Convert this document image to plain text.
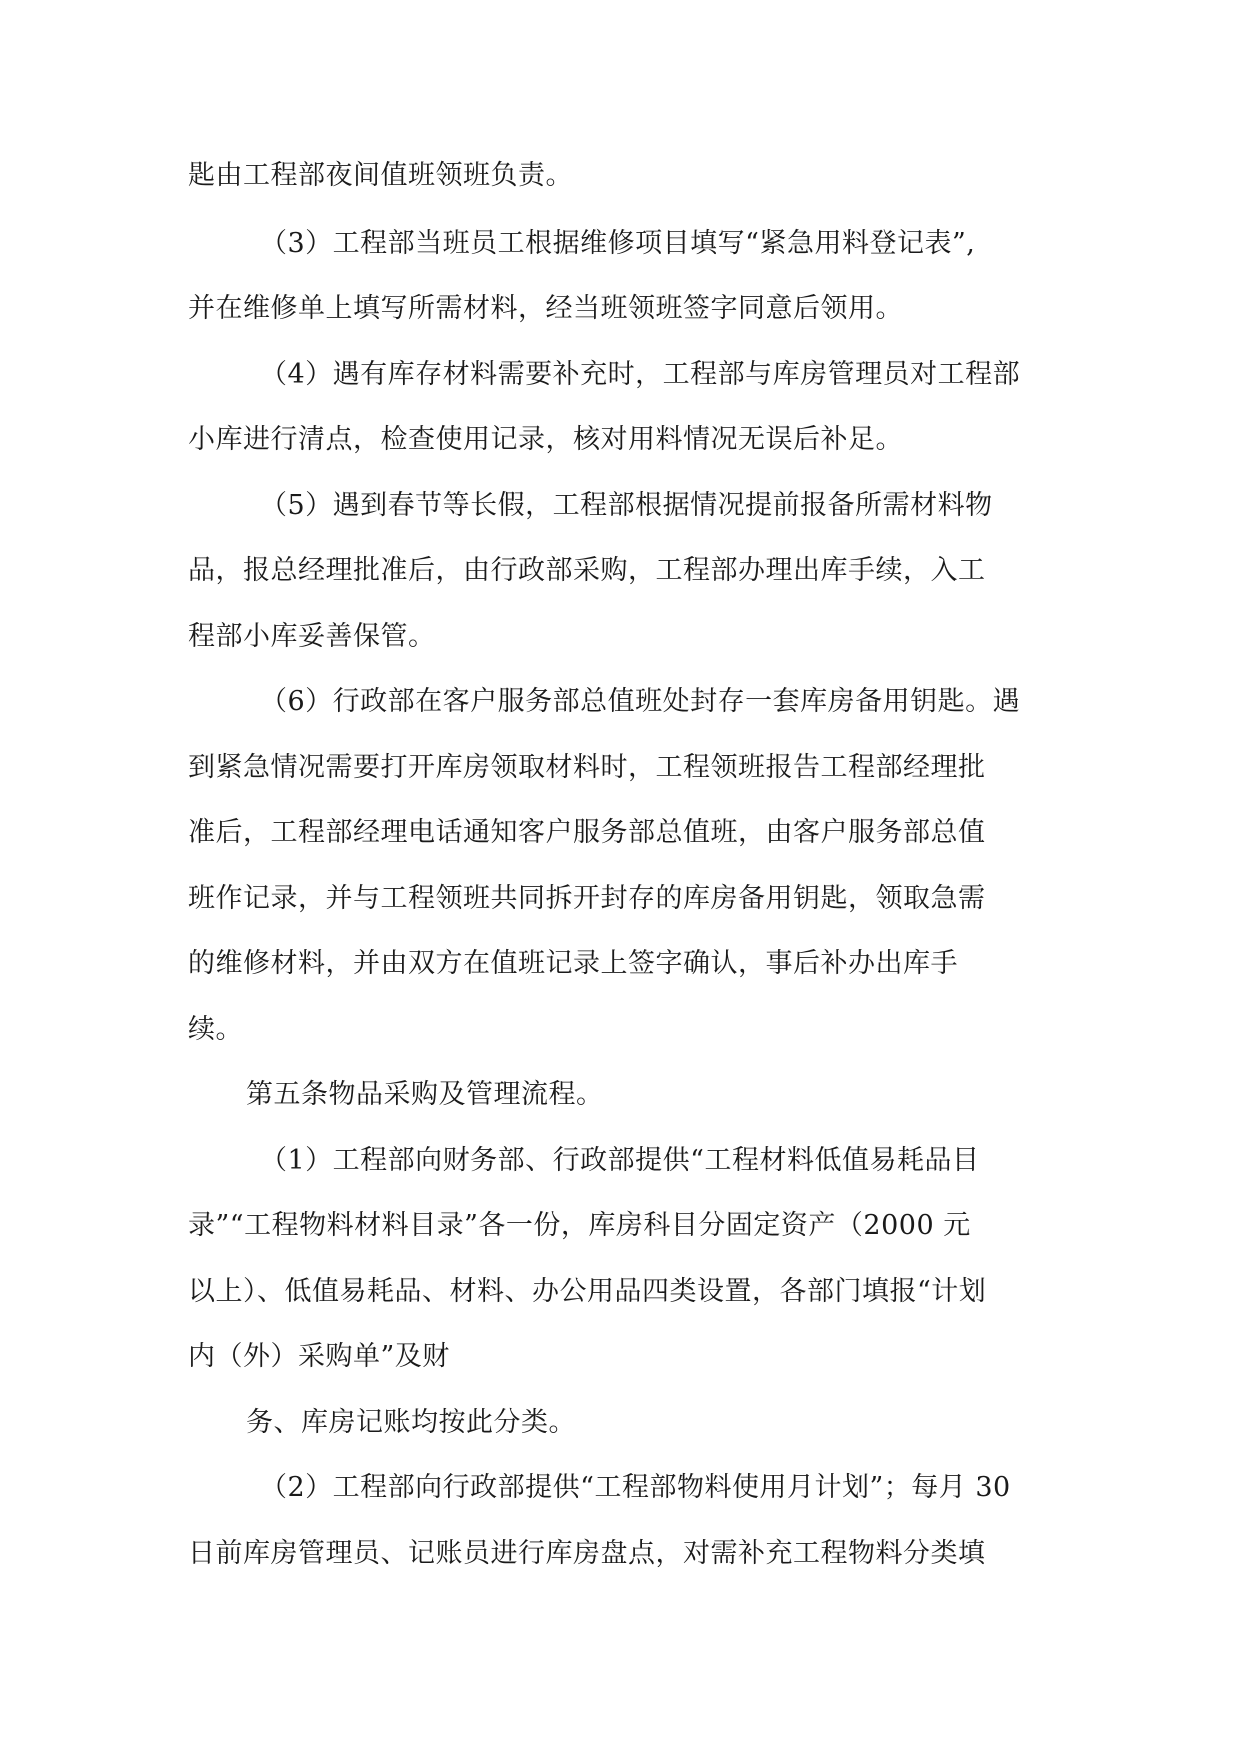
匙由工程部夜间值班领班负责。
（3）工程部当班员工根据维修项目填写“紧急用料登记表”,
并在维修单上填写所需材料，经当班领班签字同意后领用。
（4）遇有库存材料需要补充时，工程部与库房管理员对工程部
小库进行清点，检查使用记录，核对用料情况无误后补足。
（5）遇到春节等长假，工程部根据情况提前报备所需材料物
品，报总经理批准后，由行政部采购，工程部办理出库手续，入工
程部小库妥善保管。
（6）行政部在客户服务部总值班处封存一套库房备用钥匙。遇
到紧急情况需要打开库房领取材料时，工程领班报告工程部经理批
准后，工程部经理电话通知客户服务部总值班，由客户服务部总值
班作记录，并与工程领班共同拆开封存的库房备用钥匙，领取急需
的维修材料，并由双方在值班记录上签字确认，事后补办出库手
续。
第五条物品采购及管理流程。
（1）工程部向财务部、行政部提供“工程材料低值易耗品目
录”“工程物料材料目录”各一份，库房科目分固定资产（2000 元
以上）、低值易耗品、材料、办公用品四类设置，各部门填报“计划
内（外）采购单”及财
务、库房记账均按此分类。
（2）工程部向行政部提供“工程部物料使用月计划”；每月 30
日前库房管理员、记账员进行库房盘点，对需补充工程物料分类填
